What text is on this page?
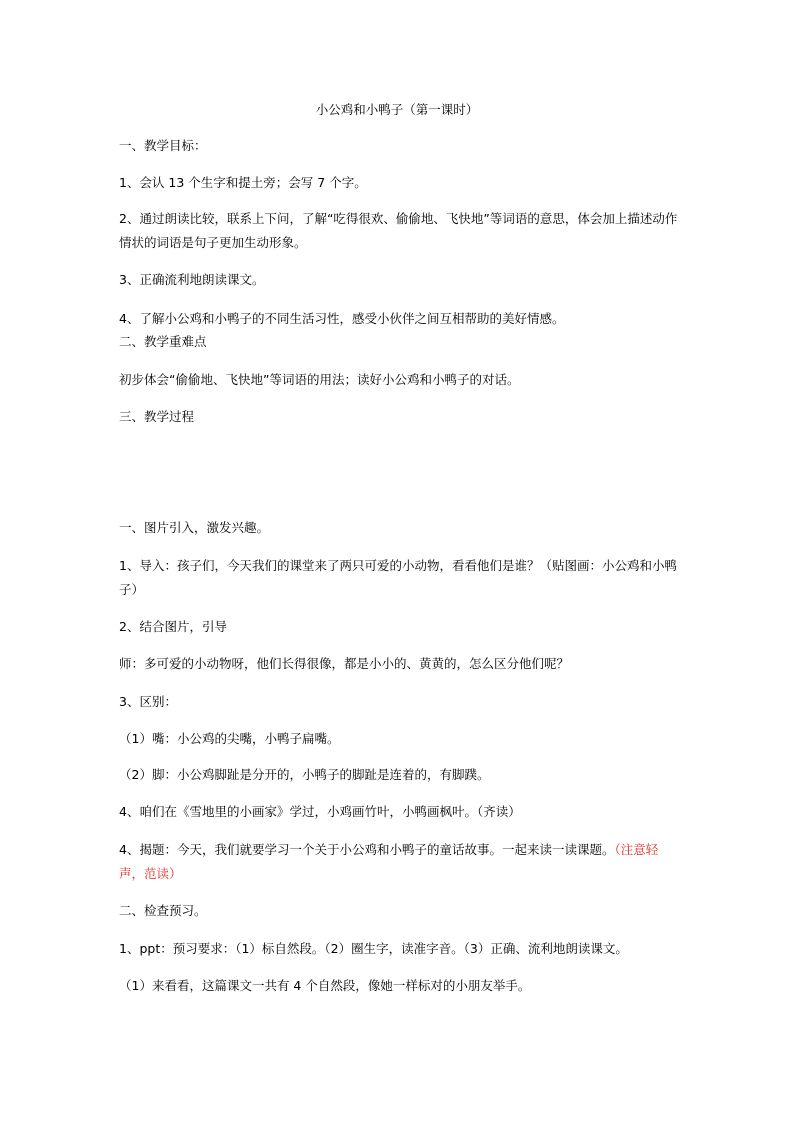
小公鸡和小鸭子（第一课时）
一、教学目标：
1、会认 13 个生字和提土旁；会写 7 个字。
2、通过朗读比较，联系上下问，了解“吃得很欢、偷偷地、飞快地”等词语的意思，体会加上描述动作情状的词语是句子更加生动形象。
3、正确流利地朗读课文。
4、了解小公鸡和小鸭子的不同生活习性，感受小伙伴之间互相帮助的美好情感。
二、教学重难点
初步体会“偷偷地、飞快地”等词语的用法；读好小公鸡和小鸭子的对话。
三、教学过程
一、图片引入，激发兴趣。
1、导入：孩子们，今天我们的课堂来了两只可爱的小动物，看看他们是谁？（贴图画：小公鸡和小鸭子）
2、结合图片，引导
师：多可爱的小动物呀，他们长得很像，都是小小的、黄黄的，怎么区分他们呢？
3、区别：
（1）嘴：小公鸡的尖嘴，小鸭子扁嘴。
（2）脚：小公鸡脚趾是分开的，小鸭子的脚趾是连着的，有脚蹼。
4、咱们在《雪地里的小画家》学过，小鸡画竹叶，小鸭画枫叶。（齐读）
4、揭题：今天，我们就要学习一个关于小公鸡和小鸭子的童话故事。一起来读一读课题。（注意轻声，范读）
二、检查预习。
1、ppt：预习要求：（1）标自然段。（2）圈生字，读准字音。（3）正确、流利地朗读课文。
（1）来看看，这篇课文一共有 4 个自然段，像她一样标对的小朋友举手。
